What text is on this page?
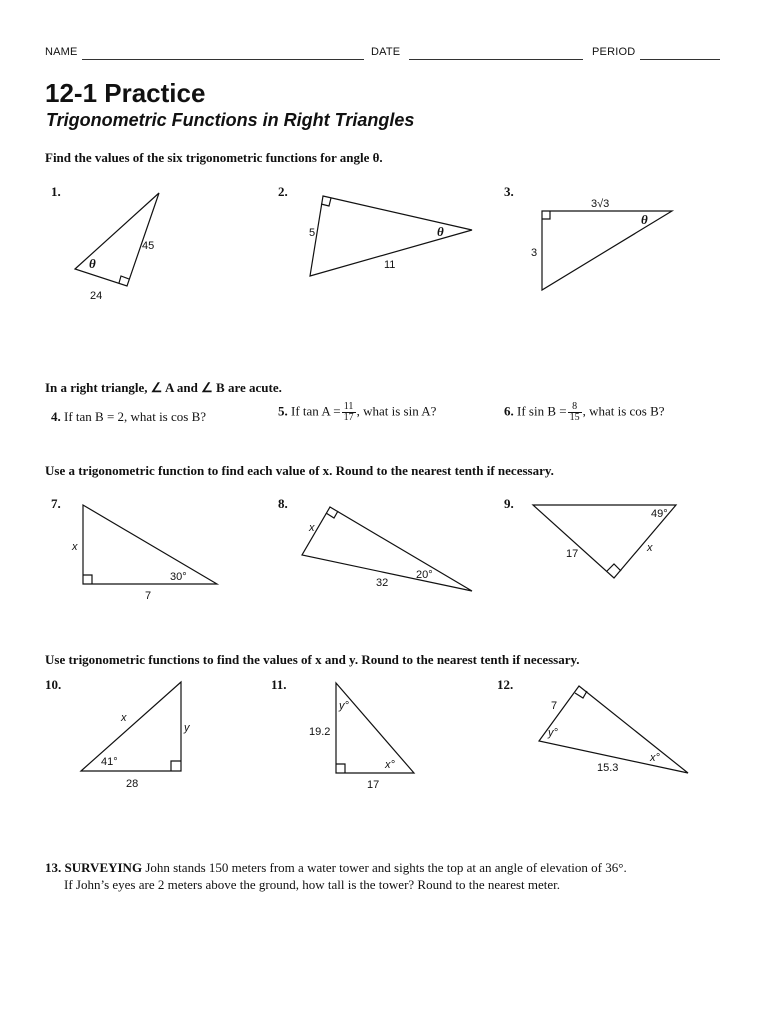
NAME	DATE	PERIOD
12-1 Practice
Trigonometric Functions in Right Triangles
Find the values of the six trigonometric functions for angle θ.
1.
45
24
θ
2.
5
11
θ
3.
3√3
3
θ
In a right triangle, ∠ A and ∠ B are acute.
4. If tan B = 2, what is cos B?	5. If $\tan A = \frac{11}{17}$ , what is sin A?	6. If $\sin B = \frac{8}{15}$ , what is cos B?
Use a trigonometric function to find each value of x. Round to the nearest tenth if necessary.
7.
x
30°
7
8.
x
20°
32
9.
49°
17	x
Use trigonometric functions to find the values of x and y. Round to the nearest tenth if necessary.
10.
x
y
41°
28
11.
y°
19.2
x°
17
12.
7
y°
x°
15.3
13. SURVEYING John stands 150 meters from a water tower and sights the top at an angle of elevation of 36°.
If John’s eyes are 2 meters above the ground, how tall is the tower? Round to the nearest meter.
